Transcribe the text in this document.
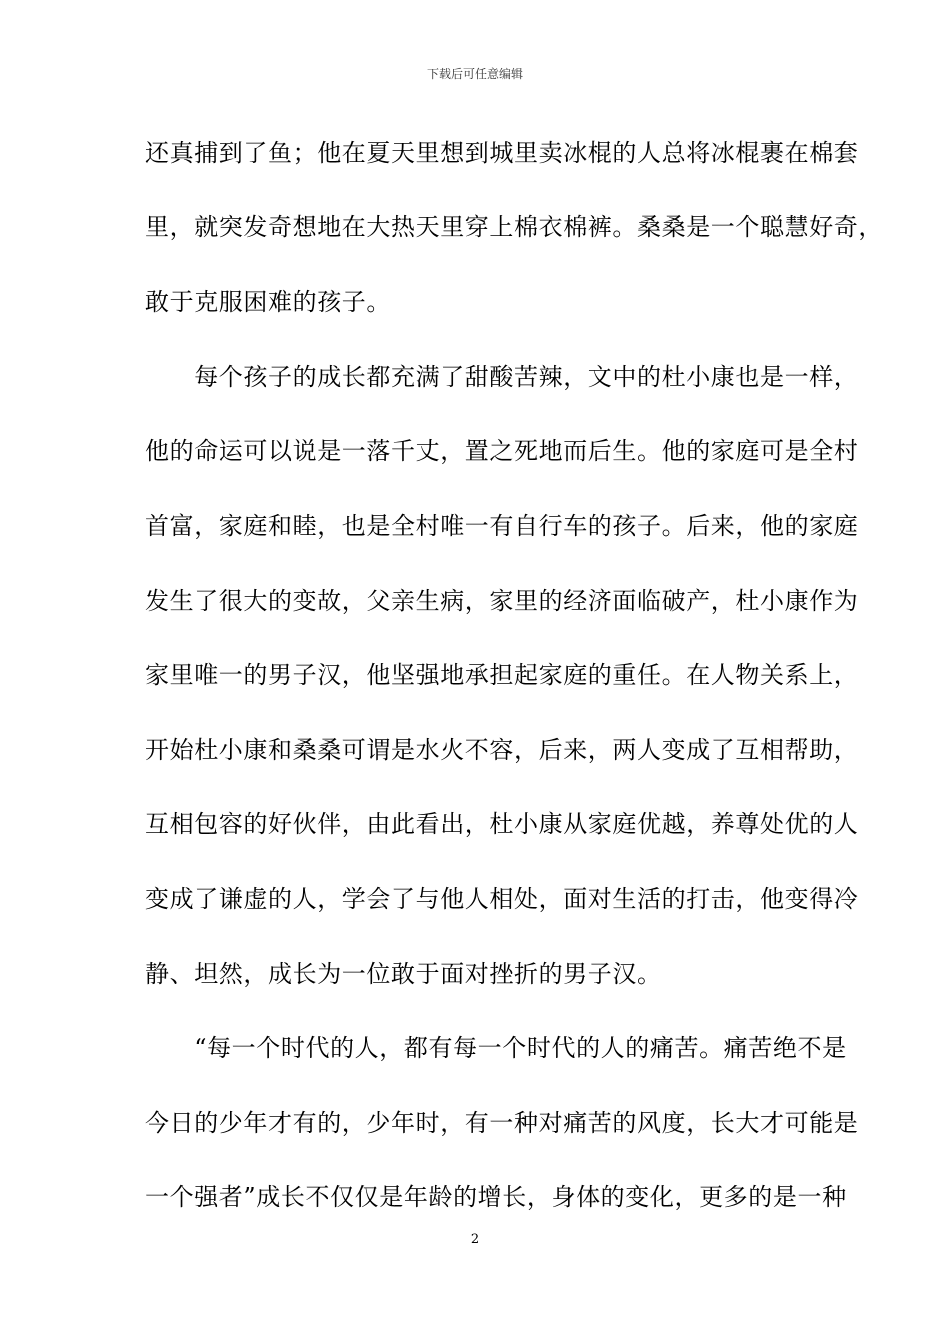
下载后可任意编辑
还真捕到了鱼；他在夏天里想到城里卖冰棍的人总将冰棍裹在棉套
里，就突发奇想地在大热天里穿上棉衣棉裤。桑桑是一个聪慧好奇，
敢于克服困难的孩子。
　　每个孩子的成长都充满了甜酸苦辣，文中的杜小康也是一样，
他的命运可以说是一落千丈，置之死地而后生。他的家庭可是全村
首富，家庭和睦，也是全村唯一有自行车的孩子。后来，他的家庭
发生了很大的变故，父亲生病，家里的经济面临破产，杜小康作为
家里唯一的男子汉，他坚强地承担起家庭的重任。在人物关系上，
开始杜小康和桑桑可谓是水火不容，后来，两人变成了互相帮助，
互相包容的好伙伴，由此看出，杜小康从家庭优越，养尊处优的人
变成了谦虚的人，学会了与他人相处，面对生活的打击，他变得冷
静、坦然，成长为一位敢于面对挫折的男子汉。
　　“每一个时代的人，都有每一个时代的人的痛苦。痛苦绝不是
今日的少年才有的，少年时，有一种对痛苦的风度，长大才可能是
一个强者”成长不仅仅是年龄的增长，身体的变化，更多的是一种
2
